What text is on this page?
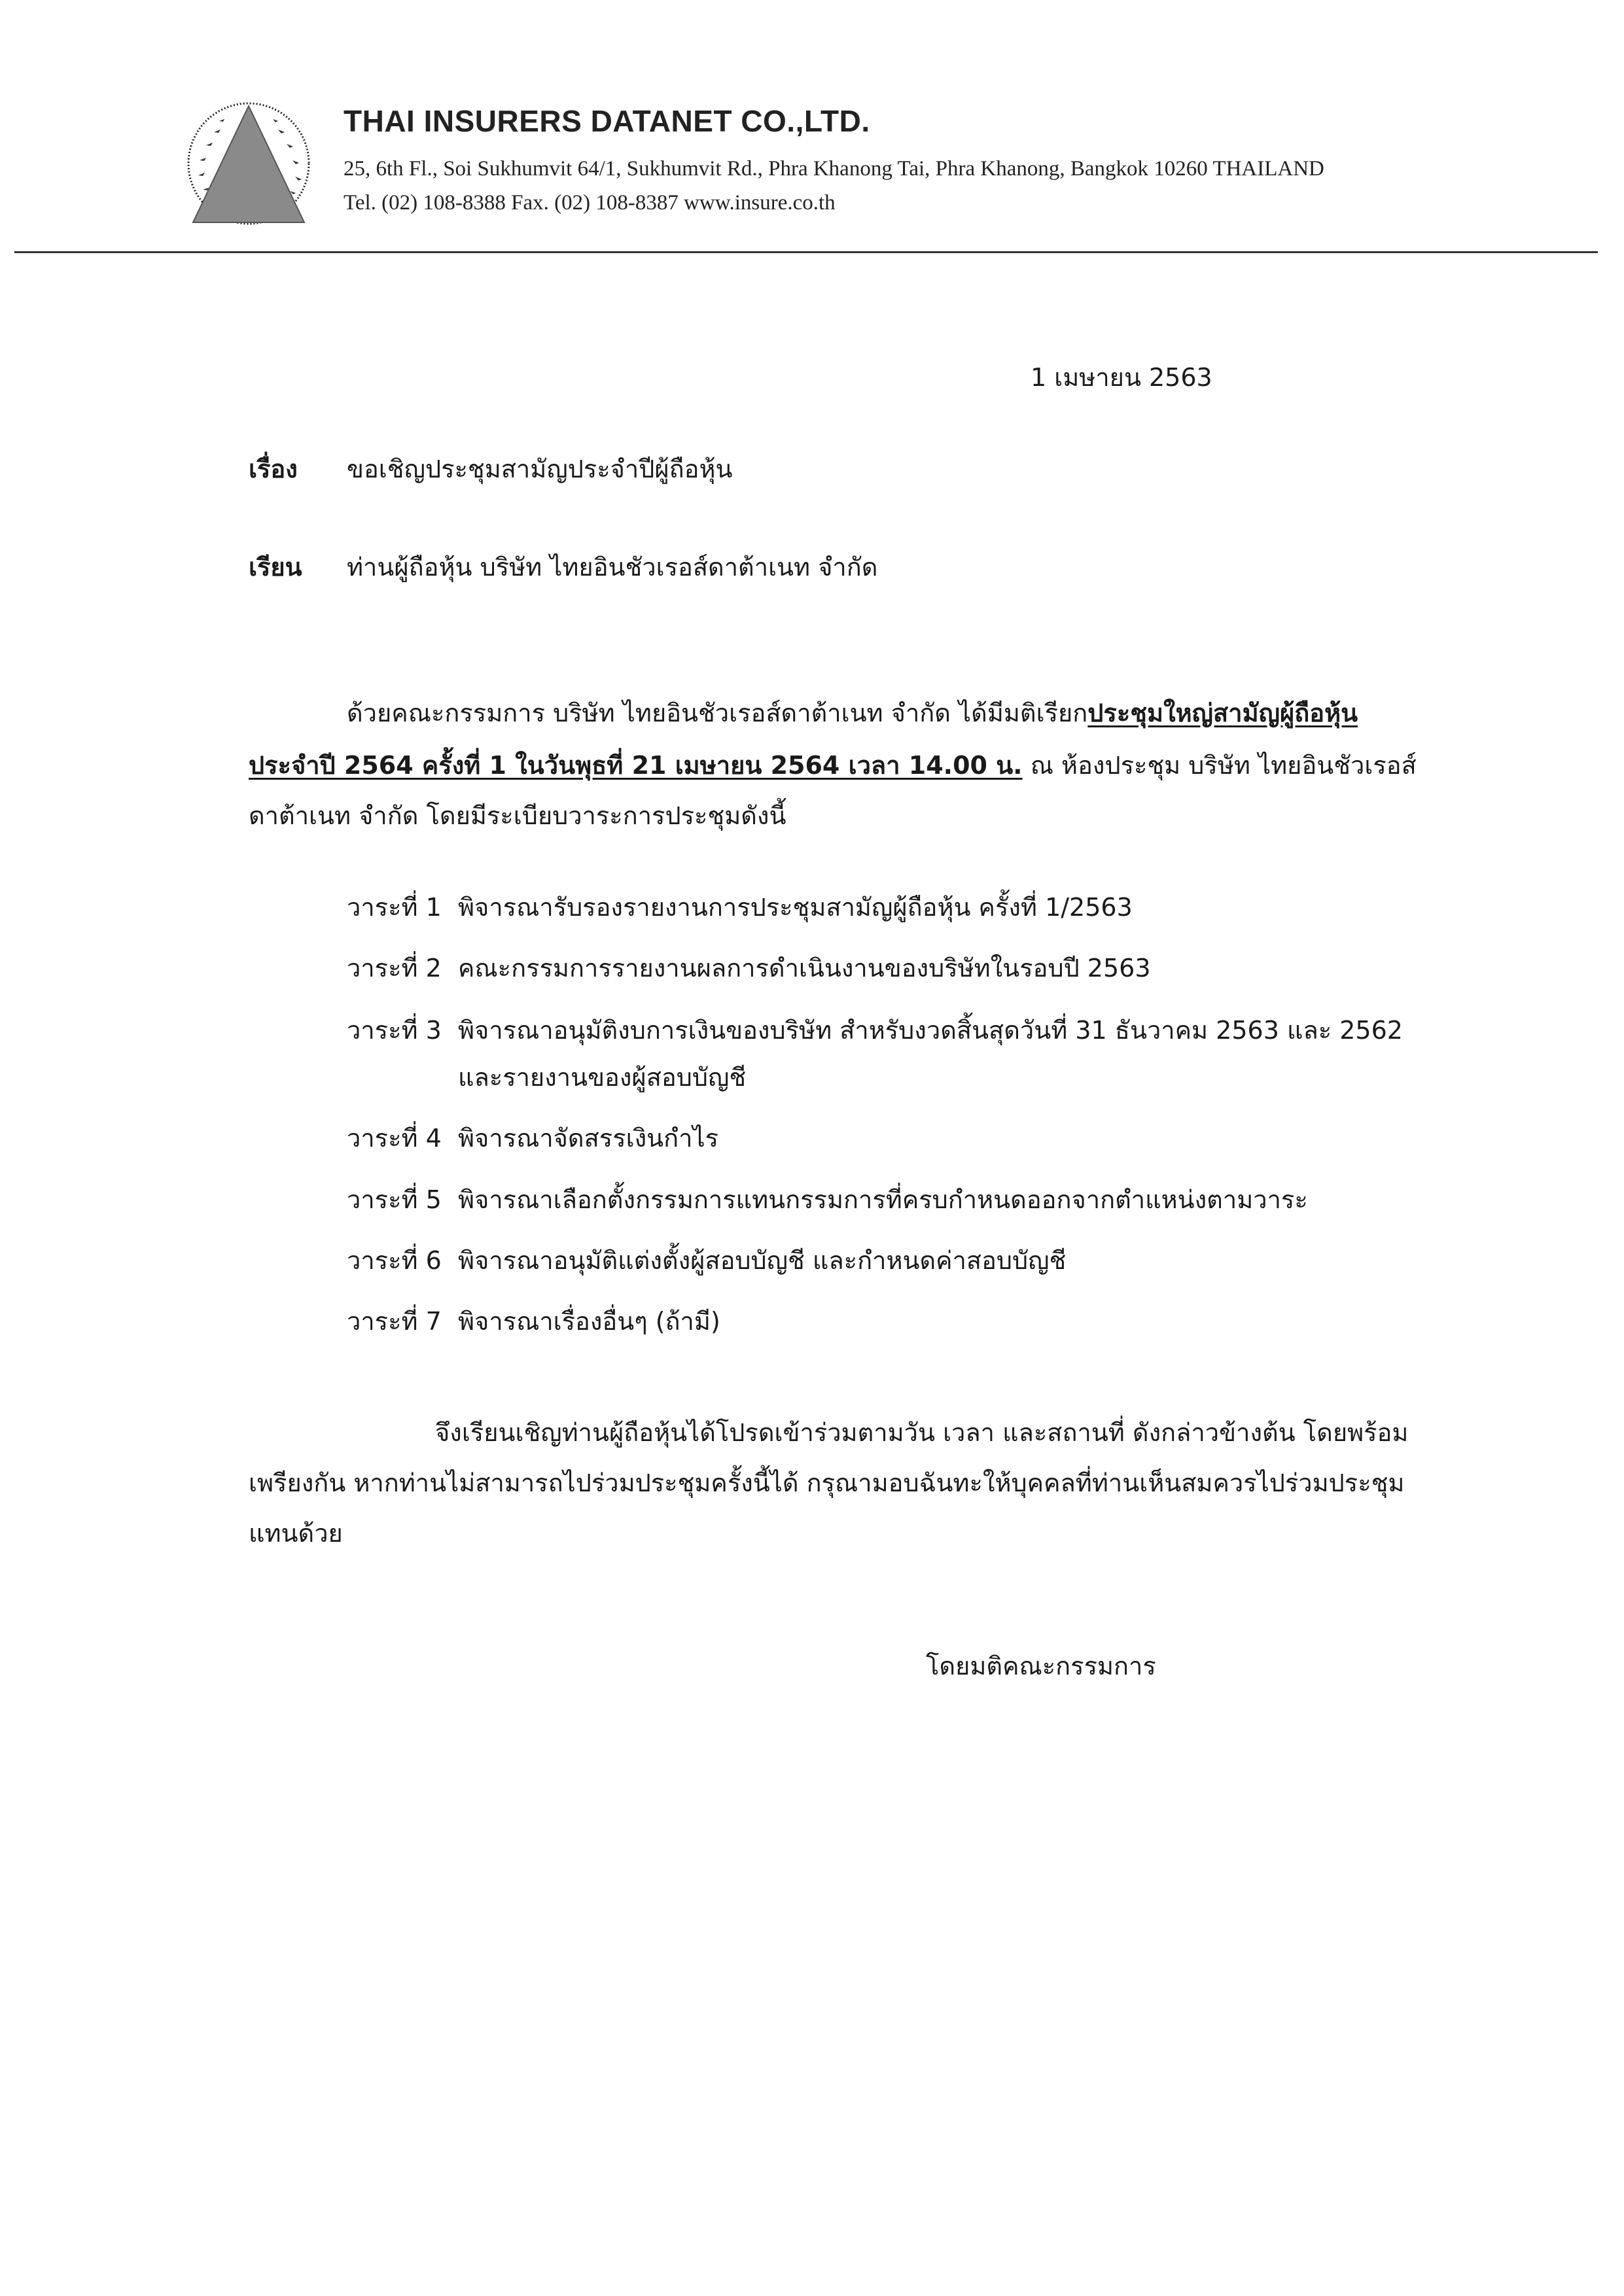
THAI INSURERS DATANET CO.,LTD.
25, 6th Fl., Soi Sukhumvit 64/1, Sukhumvit Rd., Phra Khanong Tai, Phra Khanong, Bangkok 10260 THAILAND
Tel. (02) 108-8388 Fax. (02) 108-8387 www.insure.co.th
1 เมษายน 2563
เรื่อง ขอเชิญประชุมสามัญประจำปีผู้ถือหุ้น
เรียน ท่านผู้ถือหุ้น บริษัท ไทยอินชัวเรอส์ดาต้าเนท จำกัด
ด้วยคณะกรรมการ บริษัท ไทยอินชัวเรอส์ดาต้าเนท จำกัด ได้มีมติเรียกประชุมใหญ่สามัญผู้ถือหุ้น
ประจำปี 2564 ครั้งที่ 1 ในวันพุธที่ 21 เมษายน 2564 เวลา 14.00 น. ณ ห้องประชุม บริษัท ไทยอินชัวเรอส์
ดาต้าเนท จำกัด โดยมีระเบียบวาระการประชุมดังนี้
วาระที่ 1 พิจารณารับรองรายงานการประชุมสามัญผู้ถือหุ้น ครั้งที่ 1/2563
วาระที่ 2 คณะกรรมการรายงานผลการดำเนินงานของบริษัทในรอบปี 2563
วาระที่ 3 พิจารณาอนุมัติงบการเงินของบริษัท สำหรับงวดสิ้นสุดวันที่ 31 ธันวาคม 2563 และ 2562
และรายงานของผู้สอบบัญชี
วาระที่ 4 พิจารณาจัดสรรเงินกำไร
วาระที่ 5 พิจารณาเลือกตั้งกรรมการแทนกรรมการที่ครบกำหนดออกจากตำแหน่งตามวาระ
วาระที่ 6 พิจารณาอนุมัติแต่งตั้งผู้สอบบัญชี และกำหนดค่าสอบบัญชี
วาระที่ 7 พิจารณาเรื่องอื่นๆ (ถ้ามี)
จึงเรียนเชิญท่านผู้ถือหุ้นได้โปรดเข้าร่วมตามวัน เวลา และสถานที่ ดังกล่าวข้างต้น โดยพร้อม
เพรียงกัน หากท่านไม่สามารถไปร่วมประชุมครั้งนี้ได้ กรุณามอบฉันทะให้บุคคลที่ท่านเห็นสมควรไปร่วมประชุม
แทนด้วย
โดยมติคณะกรรมการ
